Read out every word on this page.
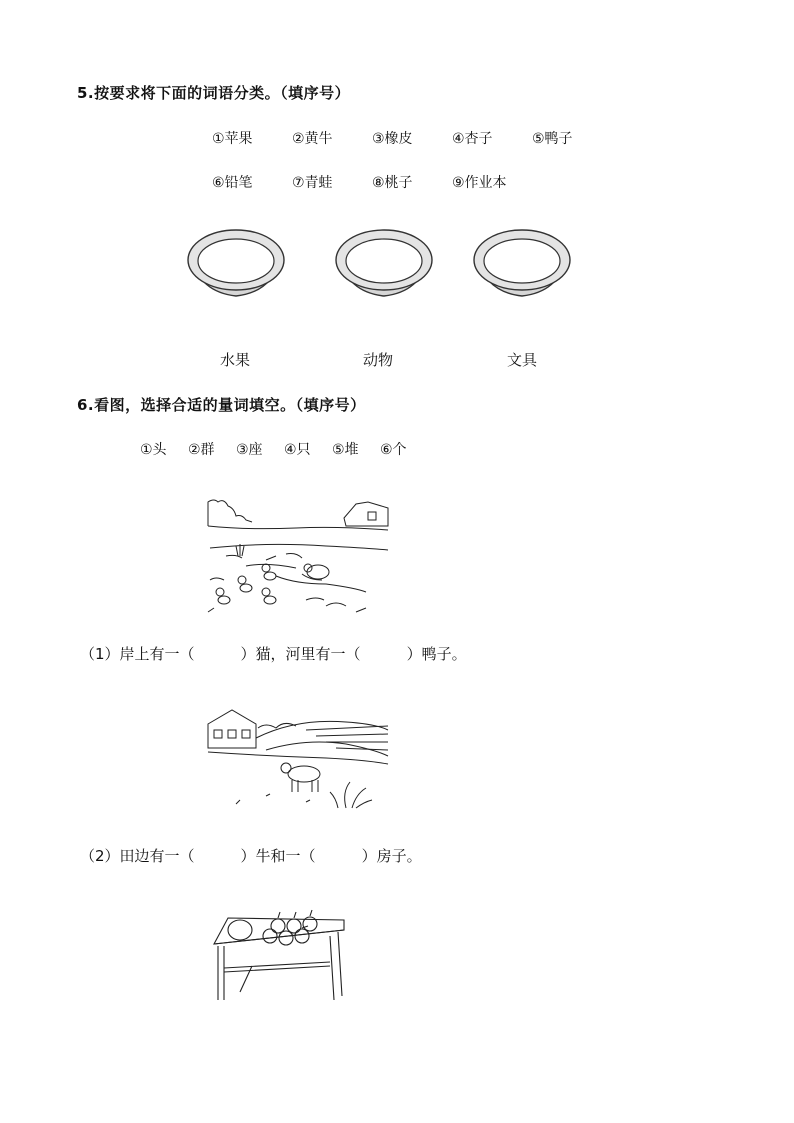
5.按要求将下面的词语分类。（填序号）
①苹果	②黄牛	③橡皮	④杏子	⑤鸭子
⑥铅笔	⑦青蛙	⑧桃子	⑨作业本
水果	动物	文具
6.看图，选择合适的量词填空。（填序号）
①头 ②群 ③座 ④只 ⑤堆 ⑥个
（1）岸上有一（	）猫，河里有一（	）鸭子。
（2）田边有一（	）牛和一（	）房子。
